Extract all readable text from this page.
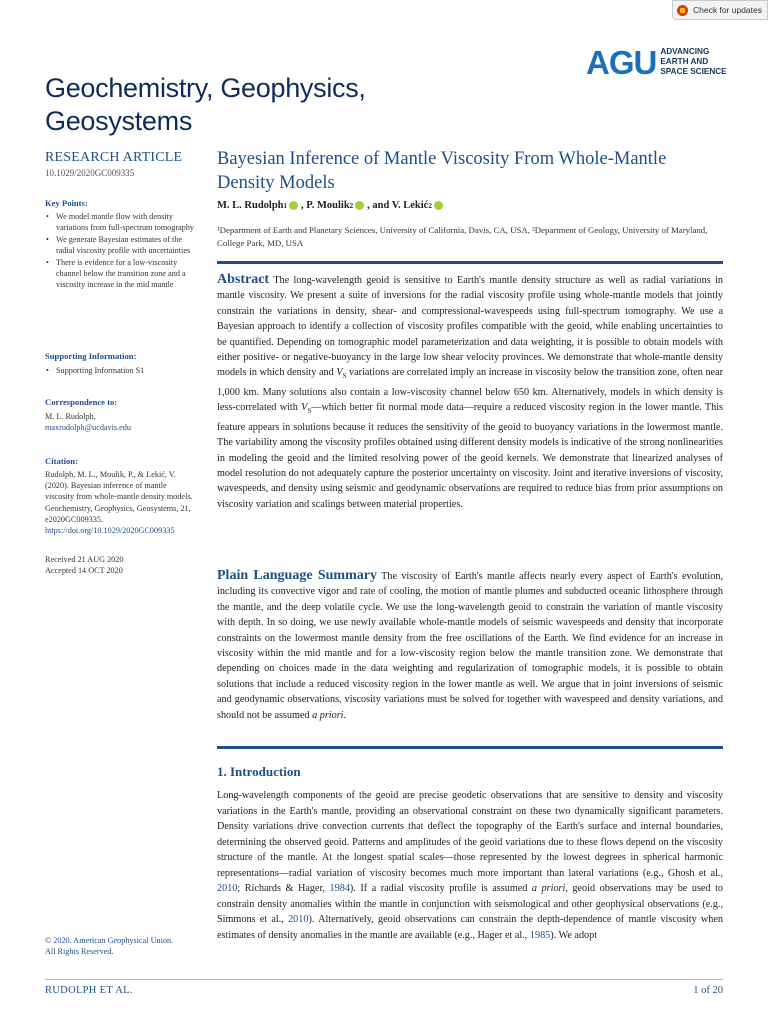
Check for updates
AGU ADVANCING
EARTH AND
SPACE SCIENCE
Geochemistry, Geophysics,
Geosystems
RESEARCH ARTICLE
10.1029/2020GC009335
Key Points:
• We model mantle flow with density variations from full-spectrum tomography
• We generate Bayesian estimates of the radial viscosity profile with uncertainties
• There is evidence for a low-viscosity channel below the transition zone and a viscosity increase in the mid mantle
Supporting Information:
• Supporting Information S1
Correspondence to:
M. L. Rudolph,
maxrudolph@ucdavis.edu
Citation:
Rudolph, M. L., Moulik, P., & Lekić, V. (2020). Bayesian inference of mantle viscosity from whole-mantle density models. Geochemistry, Geophysics, Geosystems, 21, e2020GC009335.
https://doi.org/10.1029/2020GC009335
Received 21 AUG 2020
Accepted 14 OCT 2020
© 2020. American Geophysical Union.
All Rights Reserved.
Bayesian Inference of Mantle Viscosity From Whole-Mantle Density Models
M. L. Rudolph 1 , P. Moulik 2 , and V. Lekić 2
¹Department of Earth and Planetary Sciences, University of California, Davis, CA, USA, ²Department of Geology, University of Maryland, College Park, MD, USA

Abstract The long-wavelength geoid is sensitive to Earth's mantle density structure as well as radial variations in mantle viscosity. We present a suite of inversions for the radial viscosity profile using whole-mantle models that jointly constrain the variations in density, shear- and compressional-wavespeeds using full-spectrum tomography. We use a Bayesian approach to identify a collection of viscosity profiles compatible with the geoid, while enabling uncertainties to be quantified. Depending on tomographic model parameterization and data weighting, it is possible to obtain models with either positive- or negative-buoyancy in the large low shear velocity provinces. We demonstrate that whole-mantle density models in which density and $V_S$ variations are correlated imply an increase in viscosity below the transition zone, often near 1,000 km. Many solutions also contain a low-viscosity channel below 650 km. Alternatively, models in which density is less-correlated with $V_S—which$ better fit normal mode data—require a reduced viscosity region in the lower mantle. This feature appears in solutions because it reduces the sensitivity of the geoid to buoyancy variations in the lowermost mantle. The variability among the viscosity profiles obtained using different density models is indicative of the strong nonlinearities in modeling the geoid and the limited resolving power of the geoid kernels. We demonstrate that linearized analyses of model resolution do not adequately capture the posterior uncertainty on viscosity. Joint and iterative inversions of viscosity, wavespeeds, and density using seismic and geodynamic observations are required to reduce bias from prior assumptions on viscosity variation and scalings between material properties.

Plain Language Summary The viscosity of Earth's mantle affects nearly every aspect of Earth's evolution, including its convective vigor and rate of cooling, the motion of mantle plumes and subducted oceanic lithosphere through the mantle, and the deep volatile cycle. We use the long-wavelength geoid to constrain the variation of mantle viscosity with depth. In so doing, we use newly available whole-mantle models of seismic wavespeeds and density that incorporate constraints on the lowermost mantle density from the free oscillations of the Earth. We find evidence for an increase in viscosity within the mid mantle and for a low-viscosity region below the mantle transition zone. We demonstrate that depending on choices made in the data weighting and regularization of tomographic models, it is possible to obtain solutions that include a reduced viscosity region in the lower mantle as well. We argue that in joint inversions of seismic and geodynamic observations, viscosity variations must be solved for together with wavespeed and density variations, and should not be assumed a priori.

1. Introduction

Long-wavelength components of the geoid are precise geodetic observations that are sensitive to density and viscosity variations in the Earth's mantle, providing an observational constraint on these two dynamically significant parameters. Density variations drive convection currents that deflect the topography of the Earth's surface and internal boundaries, determining the observed geoid. Patterns and amplitudes of the geoid variations due to these flows depend on the viscosity structure of the mantle. At the longest spatial scales—those represented by the lowest degrees in spherical harmonic representations—radial variation of viscosity becomes much more important than lateral variations (e.g., Ghosh et al., 2010; Richards & Hager, 1984). If a radial viscosity profile is assumed a priori, geoid observations may be used to constrain density anomalies within the mantle in conjunction with seismological and other geophysical observations (e.g., Simmons et al., 2010). Alternatively, geoid observations can constrain the depth-dependence of mantle viscosity when estimates of density anomalies in the mantle are available (e.g., Hager et al., 1985). We adopt

RUDOLPH ET AL.	1 of 20
